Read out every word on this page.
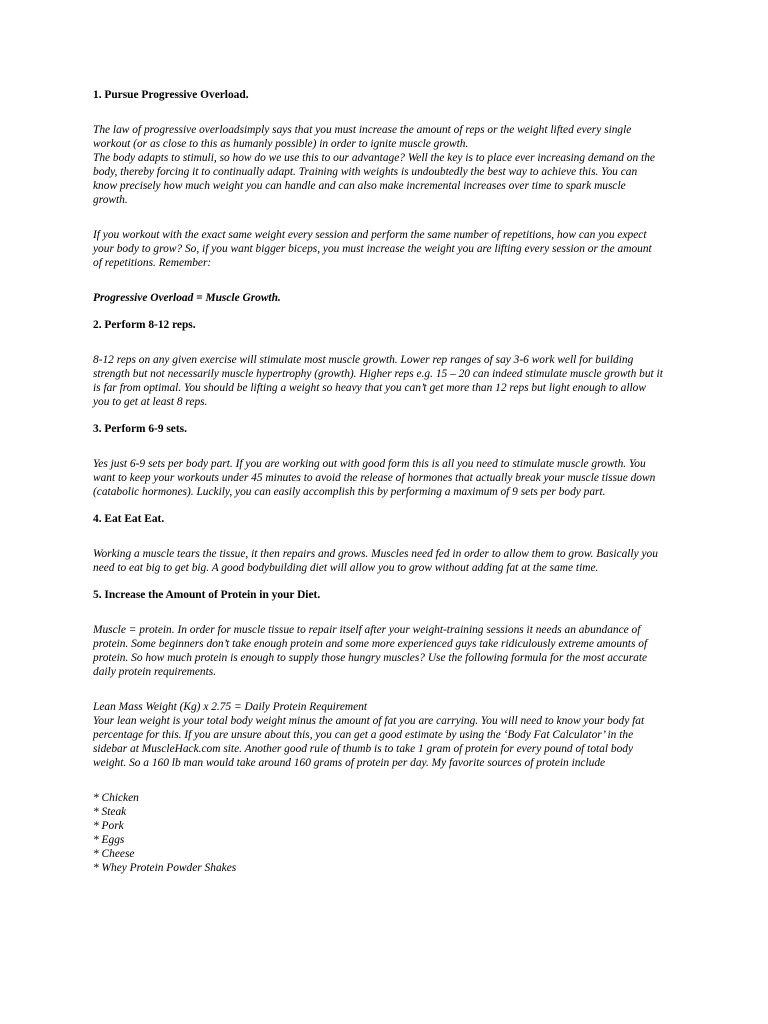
1. Pursue Progressive Overload.

The law of progressive overloadsimply says that you must increase the amount of reps or the weight lifted every single workout (or as close to this as humanly possible) in order to ignite muscle growth.

The body adapts to stimuli, so how do we use this to our advantage? Well the key is to place ever increasing demand on the body, thereby forcing it to continually adapt. Training with weights is undoubtedly the best way to achieve this. You can know precisely how much weight you can handle and can also make incremental increases over time to spark muscle growth.

If you workout with the exact same weight every session and perform the same number of repetitions, how can you expect your body to grow? So, if you want bigger biceps, you must increase the weight you are lifting every session or the amount of repetitions. Remember:

Progressive Overload = Muscle Growth.

2. Perform 8-12 reps.

8-12 reps on any given exercise will stimulate most muscle growth. Lower rep ranges of say 3-6 work well for building strength but not necessarily muscle hypertrophy (growth). Higher reps e.g. 15 – 20 can indeed stimulate muscle growth but it is far from optimal. You should be lifting a weight so heavy that you can’t get more than 12 reps but light enough to allow you to get at least 8 reps.

3. Perform 6-9 sets.

Yes just 6-9 sets per body part. If you are working out with good form this is all you need to stimulate muscle growth. You want to keep your workouts under 45 minutes to avoid the release of hormones that actually break your muscle tissue down (catabolic hormones). Luckily, you can easily accomplish this by performing a maximum of 9 sets per body part.

4. Eat Eat Eat.

Working a muscle tears the tissue, it then repairs and grows. Muscles need fed in order to allow them to grow. Basically you need to eat big to get big. A good bodybuilding diet will allow you to grow without adding fat at the same time.

5. Increase the Amount of Protein in your Diet.

Muscle = protein. In order for muscle tissue to repair itself after your weight-training sessions it needs an abundance of protein. Some beginners don’t take enough protein and some more experienced guys take ridiculously extreme amounts of protein. So how much protein is enough to supply those hungry muscles? Use the following formula for the most accurate daily protein requirements.

Lean Mass Weight (Kg) x 2.75 = Daily Protein Requirement

Your lean weight is your total body weight minus the amount of fat you are carrying. You will need to know your body fat percentage for this. If you are unsure about this, you can get a good estimate by using the ‘Body Fat Calculator’ in the sidebar at MuscleHack.com site. Another good rule of thumb is to take 1 gram of protein for every pound of total body weight. So a 160 lb man would take around 160 grams of protein per day. My favorite sources of protein include

* Chicken
* Steak
* Pork
* Eggs
* Cheese
* Whey Protein Powder Shakes
